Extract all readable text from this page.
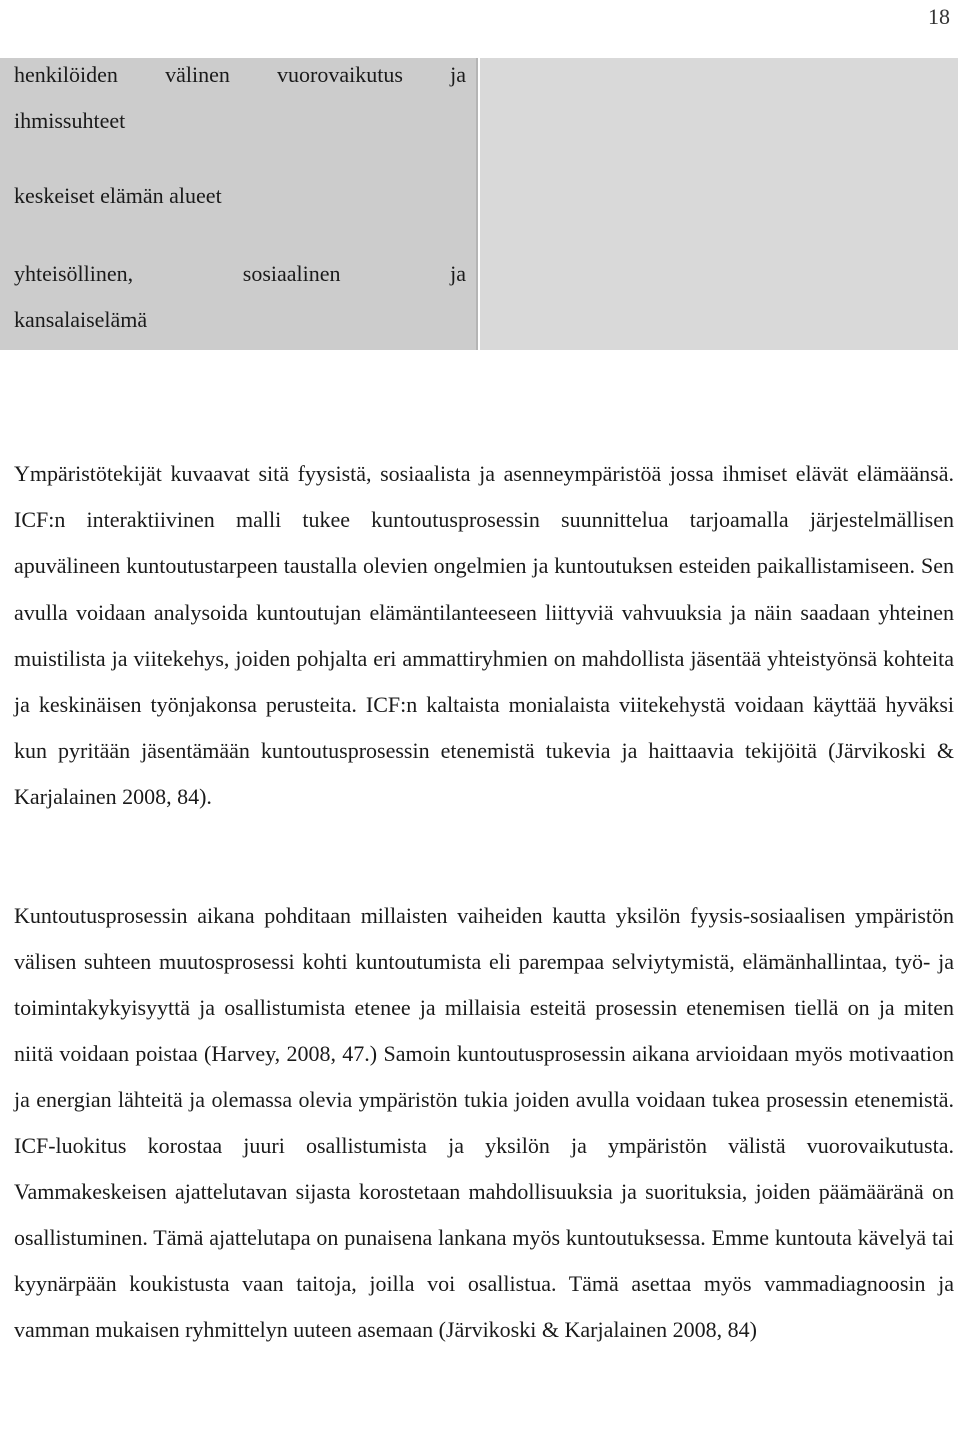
18
henkilöiden välinen vuorovaikutus ja
ihmissuhteet
keskeiset elämän alueet
yhteisöllinen, sosiaalinen ja
kansalaiselämä

Ympäristötekijät kuvaavat sitä fyysistä, sosiaalista ja asenneympäristöä jossa ihmiset elävät elämäänsä. ICF:n interaktiivinen malli tukee kuntoutusprosessin suunnittelua tarjoamalla järjestelmällisen apuvälineen kuntoutustarpeen taustalla olevien ongelmien ja kuntoutuksen esteiden paikallistamiseen. Sen avulla voidaan analysoida kuntoutujan elämäntilanteeseen liittyviä vahvuuksia ja näin saadaan yhteinen muistilista ja viitekehys, joiden pohjalta eri ammattiryhmien on mahdollista jäsentää yhteistyönsä kohteita ja keskinäisen työnjakonsa perusteita. ICF:n kaltaista monialaista viitekehystä voidaan käyttää hyväksi kun pyritään jäsentämään kuntoutusprosessin etenemistä tukevia ja haittaavia tekijöitä (Järvikoski & Karjalainen 2008, 84).

Kuntoutusprosessin aikana pohditaan millaisten vaiheiden kautta yksilön fyysis-sosiaalisen ympäristön välisen suhteen muutosprosessi kohti kuntoutumista eli parempaa selviytymistä, elämänhallintaa, työ- ja toimintakykyisyyttä ja osallistumista etenee ja millaisia esteitä prosessin etenemisen tiellä on ja miten niitä voidaan poistaa (Harvey, 2008, 47.) Samoin kuntoutusprosessin aikana arvioidaan myös motivaation ja energian lähteitä ja olemassa olevia ympäristön tukia joiden avulla voidaan tukea prosessin etenemistä. ICF-luokitus korostaa juuri osallistumista ja yksilön ja ympäristön välistä vuorovaikutusta. Vammakeskeisen ajattelutavan sijasta korostetaan mahdollisuuksia ja suorituksia, joiden päämääränä on osallistuminen. Tämä ajattelutapa on punaisena lankana myös kuntoutuksessa. Emme kuntouta kävelyä tai kyynärpään koukistusta vaan taitoja, joilla voi osallistua. Tämä asettaa myös vammadiagnoosin ja vamman mukaisen ryhmittelyn uuteen asemaan (Järvikoski & Karjalainen 2008, 84)
